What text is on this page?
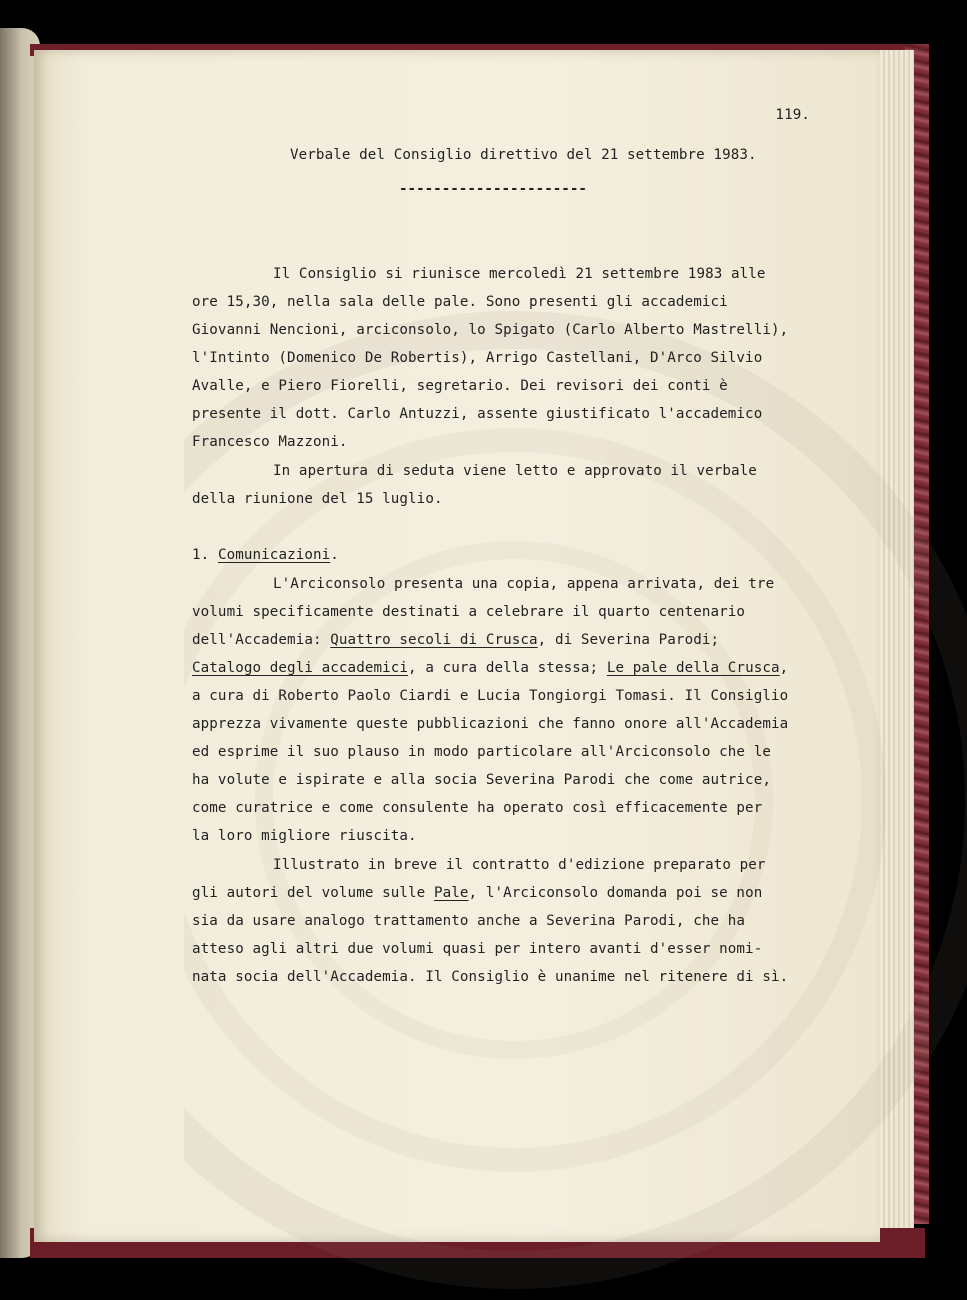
119.
Verbale del Consiglio direttivo del 21 settembre 1983.
----------------------
Il Consiglio si riunisce mercoledì 21 settembre 1983 alle
ore 15,30, nella sala delle pale. Sono presenti gli accademici
Giovanni Nencioni, arciconsolo, lo Spigato (Carlo Alberto Mastrelli),
l'Intinto (Domenico De Robertis), Arrigo Castellani, D'Arco Silvio
Avalle, e Piero Fiorelli, segretario. Dei revisori dei conti è
presente il dott. Carlo Antuzzi, assente giustificato l'accademico
Francesco Mazzoni.
In apertura di seduta viene letto e approvato il verbale
della riunione del 15 luglio.
1. Comunicazioni.
L'Arciconsolo presenta una copia, appena arrivata, dei tre
volumi specificamente destinati a celebrare il quarto centenario
dell'Accademia: Quattro secoli di Crusca, di Severina Parodi;
Catalogo degli accademici, a cura della stessa; Le pale della Crusca,
a cura di Roberto Paolo Ciardi e Lucia Tongiorgi Tomasi. Il Consiglio
apprezza vivamente queste pubblicazioni che fanno onore all'Accademia
ed esprime il suo plauso in modo particolare all'Arciconsolo che le
ha volute e ispirate e alla socia Severina Parodi che come autrice,
come curatrice e come consulente ha operato così efficacemente per
la loro migliore riuscita.
Illustrato in breve il contratto d'edizione preparato per
gli autori del volume sulle Pale, l'Arciconsolo domanda poi se non
sia da usare analogo trattamento anche a Severina Parodi, che ha
atteso agli altri due volumi quasi per intero avanti d'esser nomi-
nata socia dell'Accademia. Il Consiglio è unanime nel ritenere di sì.
